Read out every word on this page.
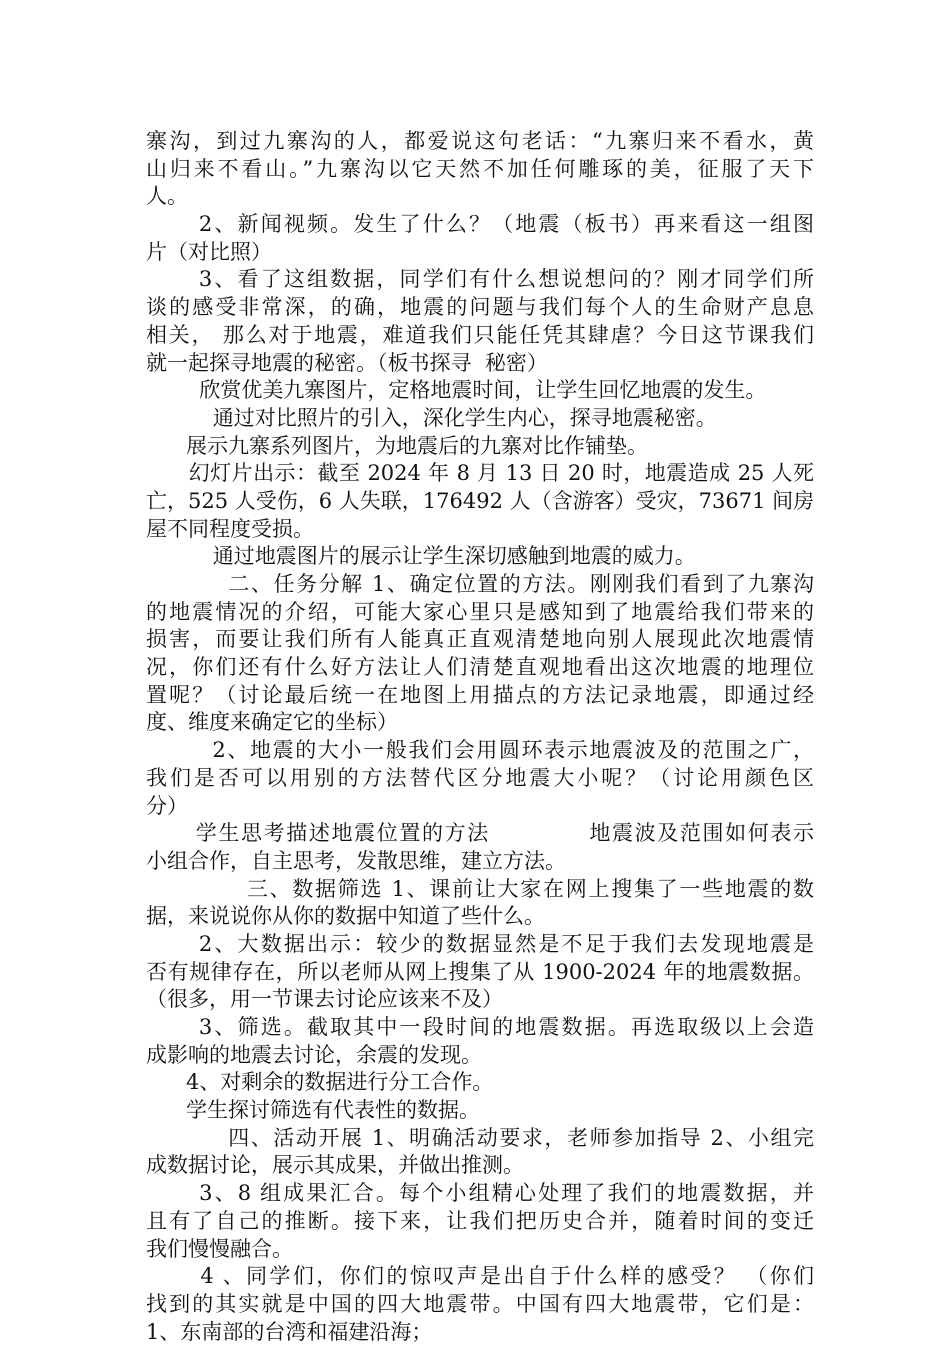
寨沟，到过九寨沟的人，都爱说这句老话：“九寨归来不看水，黄
山归来不看山。”九寨沟以它天然不加任何雕琢的美，征服了天下
人。
2、新闻视频。发生了什么？（地震（板书）再来看这一组图
片（对比照）
3、看了这组数据，同学们有什么想说想问的？刚才同学们所
谈的感受非常深，的确，地震的问题与我们每个人的生命财产息息
相关， 那么对于地震，难道我们只能任凭其肆虐？今日这节课我们
就一起探寻地震的秘密。（板书探寻  秘密）
欣赏优美九寨图片，定格地震时间，让学生回忆地震的发生。
通过对比照片的引入，深化学生内心，探寻地震秘密。
展示九寨系列图片，为地震后的九寨对比作铺垫。
幻灯片出示：截至 2024 年 8 月 13 日 20 时，地震造成 25 人死
亡，525 人受伤，6 人失联，176492 人（含游客）受灾，73671 间房
屋不同程度受损。
通过地震图片的展示让学生深切感触到地震的威力。
二、任务分解 1、确定位置的方法。刚刚我们看到了九寨沟
的地震情况的介绍，可能大家心里只是感知到了地震给我们带来的
损害，而要让我们所有人能真正直观清楚地向别人展现此次地震情
况，你们还有什么好方法让人们清楚直观地看出这次地震的地理位
置呢？（讨论最后统一在地图上用描点的方法记录地震，即通过经
度、维度来确定它的坐标）
2、地震的大小一般我们会用圆环表示地震波及的范围之广，
我们是否可以用别的方法替代区分地震大小呢？（讨论用颜色区
分）
学生思考描述地震位置的方法            地震波及范围如何表示
小组合作，自主思考，发散思维，建立方法。
三、数据筛选 1、课前让大家在网上搜集了一些地震的数
据，来说说你从你的数据中知道了些什么。
2、大数据出示：较少的数据显然是不足于我们去发现地震是
否有规律存在，所以老师从网上搜集了从 1900-2024 年的地震数据。
（很多，用一节课去讨论应该来不及）
3、筛选。截取其中一段时间的地震数据。再选取级以上会造
成影响的地震去讨论，余震的发现。
4、对剩余的数据进行分工合作。
学生探讨筛选有代表性的数据。
四、活动开展 1、明确活动要求，老师参加指导 2、小组完
成数据讨论，展示其成果，并做出推测。
3、8 组成果汇合。每个小组精心处理了我们的地震数据，并
且有了自己的推断。接下来，让我们把历史合并，随着时间的变迁
我们慢慢融合。
4 、同学们，你们的惊叹声是出自于什么样的感受？ （你们
找到的其实就是中国的四大地震带。中国有四大地震带，它们是：
1、东南部的台湾和福建沿海；
